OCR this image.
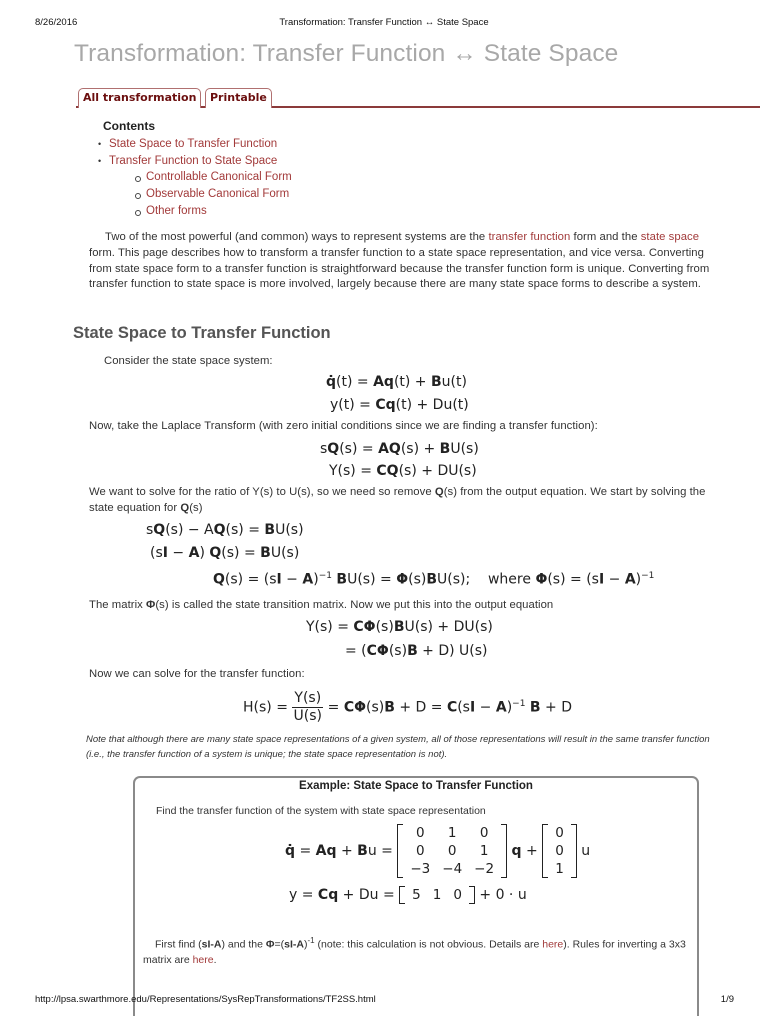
8/26/2016	Transformation: Transfer Function ↔ State Space
Transformation: Transfer Function ↔ State Space
All transformation	Printable
Contents
• State Space to Transfer Function
• Transfer Function to State Space
Controllable Canonical Form
Observable Canonical Form
Other forms

Two of the most powerful (and common) ways to represent systems are the transfer function form and the state space form. This page describes how to transform a transfer function to a state space representation, and vice versa. Converting from state space form to a transfer function is straightforward because the transfer function form is unique. Converting from transfer function to state space is more involved, largely because there are many state space forms to describe a system.

State Space to Transfer Function

Consider the state space system:

q̇(t) = Aq(t) + Bu(t)
y(t) = Cq(t) + Du(t)

Now, take the Laplace Transform (with zero initial conditions since we are finding a transfer function):

sQ(s) = AQ(s) + BU(s)
Y(s) = CQ(s) + DU(s)

We want to solve for the ratio of Y(s) to U(s), so we need so remove Q(s) from the output equation. We start by solving the state equation for Q(s)

sQ(s) − AQ(s) = BU(s)
(sI − A) Q(s) = BU(s)
Q(s) = (sI − A)$^{-1}$ BU(s) = Φ(s)BU(s);    where Φ(s) = (sI − A)$^{-1}$

The matrix Φ(s) is called the state transition matrix. Now we put this into the output equation

Y(s) = CΦ(s)BU(s) + DU(s)
= (CΦ(s)B + D) U(s)

Now we can solve for the transfer function:

$H(s) = \frac{Y(s)}{U(s)} = C\Phi(s)B + D = C(sI - A)^{-1}$ B + D

Note that although there are many state space representations of a given system, all of those representations will result in the same transfer function (i.e., the transfer function of a system is unique; the state space representation is not).

Example: State Space to Transfer Function
Find the transfer function of the system with state space representation
q̇ = Aq + Bu =
0	1	0
0	0	1
−3	−4	−2
q +
0
0
1
u
y = Cq + Du = 5	1	0 + 0 · u

First find (sI-A) and the $\Phi=(sI-A)^{-1}$ (note: this calculation is not obvious. Details are here). Rules for inverting a 3x3 matrix are here.

http://lpsa.swarthmore.edu/Representations/SysRepTransformations/TF2SS.html	1/9
